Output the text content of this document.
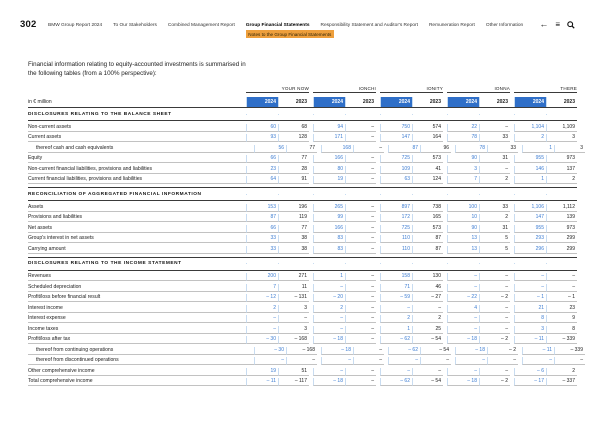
302 BMW Group Report 2024 To Our Stakeholders Combined Management Report Group Financial Statements
Notes to the Group Financial Statements
Responsibility Statement and Auditor's Report Remuneration Report Other Information ← ≡

Financial information relating to equity-accounted investments is summarised in the following tables (from a 100% perspective):

YOUR NOW	IONCHI	IONITY	IONNA	THERE
in € million	2024	2023	2024	2023	2024	2023	2024	2023	2024	2023
DISCLOSURES RELATING TO THE BALANCE SHEET
Non-current assets	60	68	94	–	750	574	22	–	1,104	1,109
Current assets	93	128	171	–	147	164	78	33	2	3
thereof cash and cash equivalents	56	77	168	–	87	96	78	33	1	3
Equity	66	77	166	–	725	573	90	31	955	973
Non-current financial liabilities, provisions and liabilities	23	28	80	–	109	41	3	–	146	137
Current financial liabilities, provisions and liabilities	64	91	19	–	63	124	7	2	1	2
RECONCILIATION OF AGGREGATED FINANCIAL INFORMATION
Assets	153	196	265	–	897	738	100	33	1,106	1,112
Provisions and liabilities	87	119	99	–	172	165	10	2	147	139
Net assets	66	77	166	–	725	573	90	31	955	973
Group's interest in net assets	33	38	83	–	110	87	13	5	293	299
Carrying amount	33	38	83	–	110	87	13	5	296	299
DISCLOSURES RELATING TO THE INCOME STATEMENT
Revenues	200	271	1	–	158	130	–	–	–	–
Scheduled depreciation	7	11	–	–	71	46	–	–	–	–
Profit/loss before financial result	– 12	– 131	– 20	–	– 59	– 27	– 22	– 2	– 1	– 1
Interest income	2	3	2	–	–	–	4	–	21	23
Interest expense	–	–	–	–	2	2	–	–	8	9
Income taxes	–	3	–	–	1	25	–	–	3	8
Profit/loss after tax	– 30	– 168	– 18	–	– 62	– 54	– 18	– 2	– 11	– 339
thereof from continuing operations	– 30	– 168	– 18	–	– 62	– 54	– 18	– 2	– 11	– 339
thereof from discontinued operations	–	–	–	–	–	–	–	–	–	–
Other comprehensive income	19	51	–	–	–	–	–	–	– 6	2
Total comprehensive income	– 11	– 117	– 18	–	– 62	– 54	– 18	– 2	– 17	– 337
